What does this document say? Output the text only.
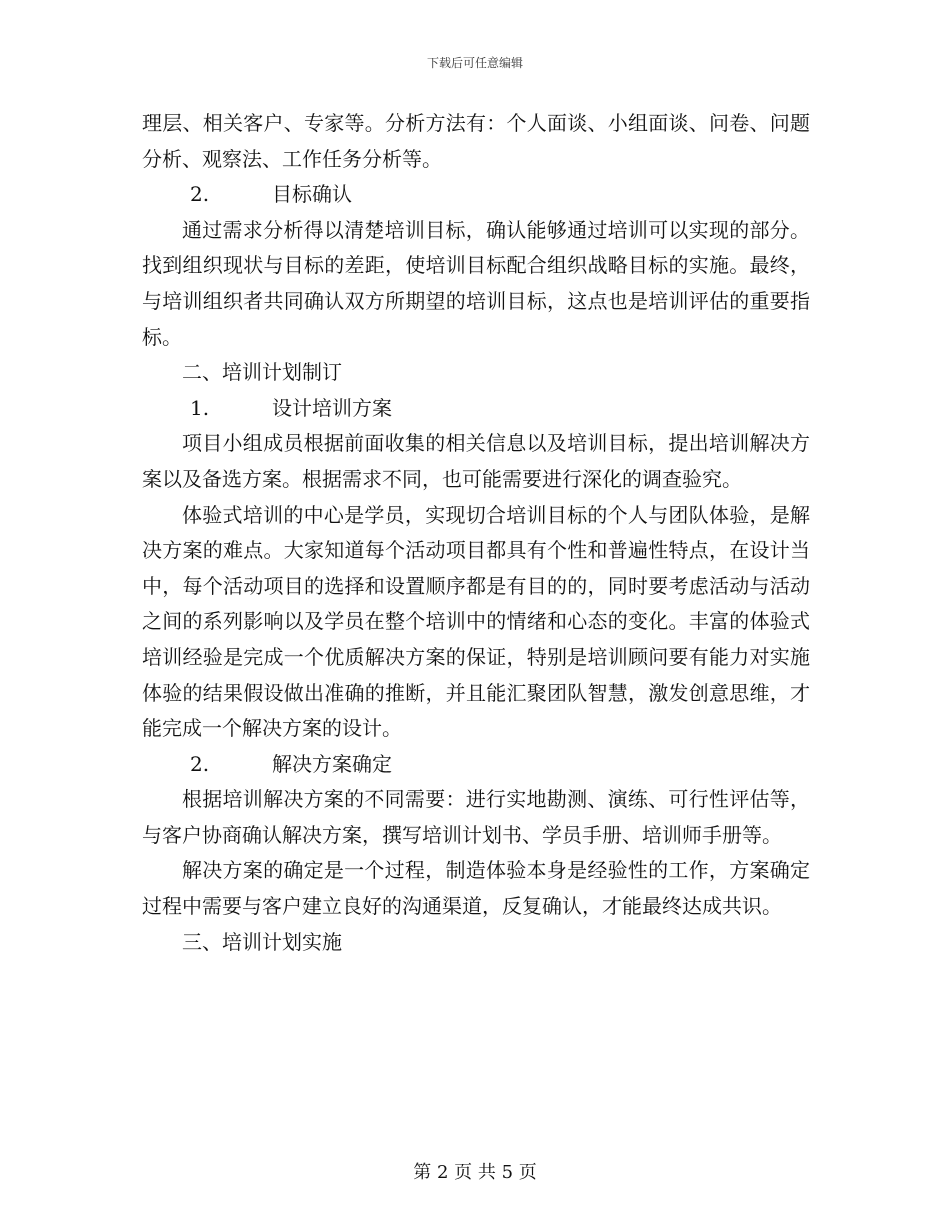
下载后可任意编辑

理层、相关客户、专家等。分析方法有：个人面谈、小组面谈、问卷、问题分析、观察法、工作任务分析等。

2.	目标确认

通过需求分析得以清楚培训目标，确认能够通过培训可以实现的部分。找到组织现状与目标的差距，使培训目标配合组织战略目标的实施。最终，与培训组织者共同确认双方所期望的培训目标，这点也是培训评估的重要指标。

二、培训计划制订

1.	设计培训方案

项目小组成员根据前面收集的相关信息以及培训目标，提出培训解决方案以及备选方案。根据需求不同，也可能需要进行深化的调查验究。

体验式培训的中心是学员，实现切合培训目标的个人与团队体验，是解决方案的难点。大家知道每个活动项目都具有个性和普遍性特点，在设计当中，每个活动项目的选择和设置顺序都是有目的的，同时要考虑活动与活动之间的系列影响以及学员在整个培训中的情绪和心态的变化。丰富的体验式培训经验是完成一个优质解决方案的保证，特别是培训顾问要有能力对实施体验的结果假设做出准确的推断，并且能汇聚团队智慧，激发创意思维，才能完成一个解决方案的设计。

2.	解决方案确定

根据培训解决方案的不同需要：进行实地勘测、演练、可行性评估等，与客户协商确认解决方案，撰写培训计划书、学员手册、培训师手册等。

解决方案的确定是一个过程，制造体验本身是经验性的工作，方案确定过程中需要与客户建立良好的沟通渠道，反复确认，才能最终达成共识。

三、培训计划实施

第 2 页 共 5 页
